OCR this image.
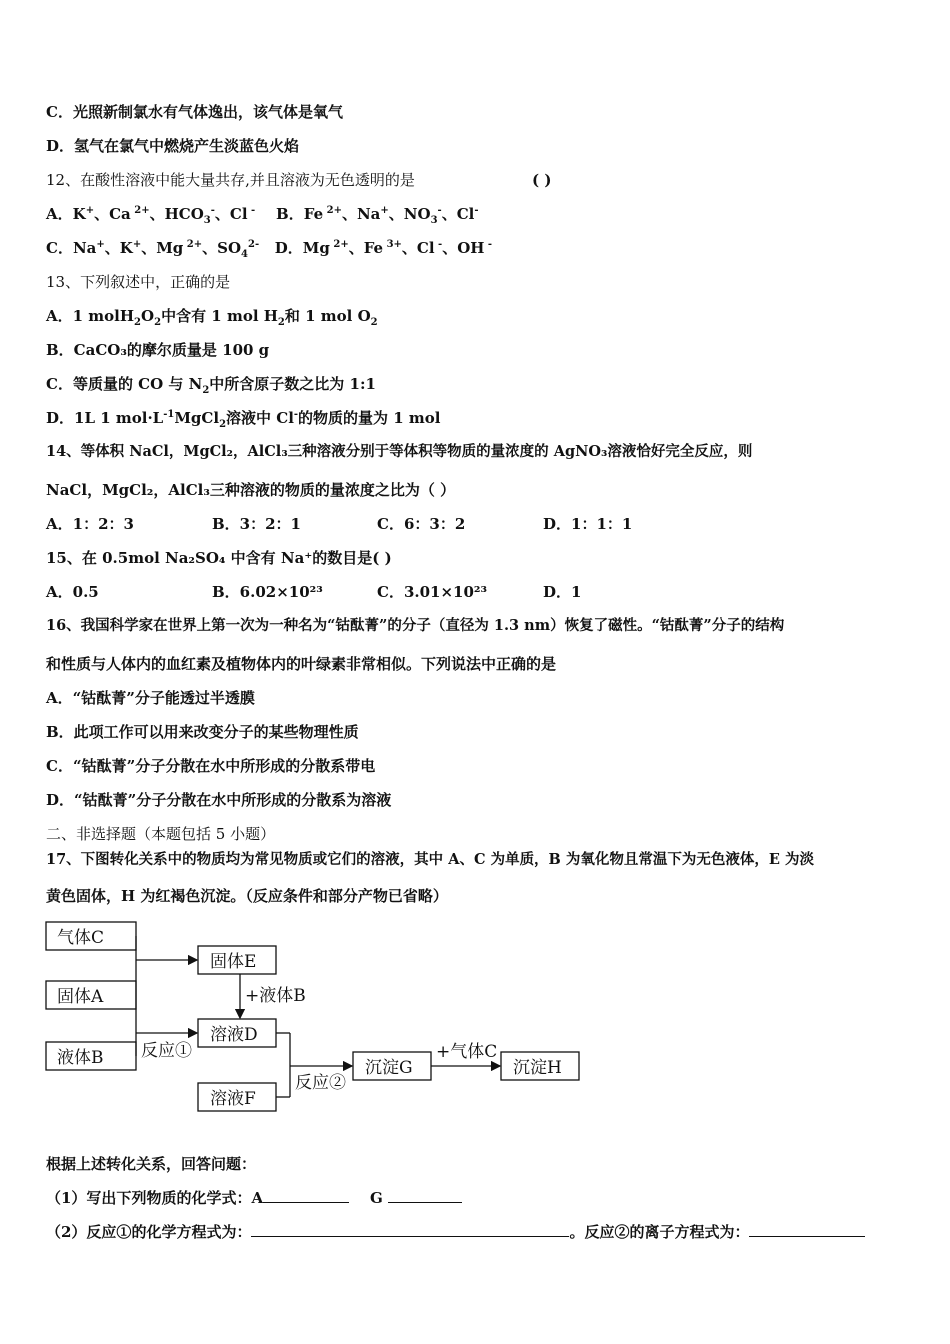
C．光照新制氯水有气体逸出，该气体是氧气
D．氢气在氯气中燃烧产生淡蓝色火焰
12、在酸性溶液中能大量共存,并且溶液为无色透明的是	( )
A．K+、Ca $^{2+}$、$HCO_3^-$、Cl -    B．Fe $^{2+}$、Na+、$NO_3^-$、Cl-
C．Na+、K+、Mg $^{2+}$、$SO_4^{2-}$   D．Mg $^{2+}$、Fe $^{3+}$、Cl -、OH -
13、下列叙述中，正确的是
A．1 $molH_2O_2$中含有 1 mol $H_2$和 1 mol $O_2$
B．CaCO₃的摩尔质量是 100 g
C．等质量的 CO 与 $N_2$中所含原子数之比为 1:1
D．1L 1 $mol\cdot L^{-1}MgCl_2$溶液中 Cl-的物质的量为 1 mol
14、等体积 NaCl，MgCl₂，AlCl₃三种溶液分别于等体积等物质的量浓度的 AgNO₃溶液恰好完全反应，则
NaCl，MgCl₂，AlCl₃三种溶液的物质的量浓度之比为（ ）
A．1：2：3	B．3：2：1	C．6：3：2	D．1：1：1
15、在 0.5mol Na₂SO₄ 中含有 Na⁺的数目是( )
A．0.5	B．6.02×10²³	C．3.01×10²³	D．1
16、我国科学家在世界上第一次为一种名为“钴酞菁”的分子（直径为 1.3 nm）恢复了磁性。“钴酞菁”分子的结构
和性质与人体内的血红素及植物体内的叶绿素非常相似。下列说法中正确的是
A．“钴酞菁”分子能透过半透膜
B．此项工作可以用来改变分子的某些物理性质
C．“钴酞菁”分子分散在水中所形成的分散系带电
D．“钴酞菁”分子分散在水中所形成的分散系为溶液
二、非选择题（本题包括 5 小题）
17、下图转化关系中的物质均为常见物质或它们的溶液，其中 A、C 为单质，B 为氧化物且常温下为无色液体，E 为淡
黄色固体，H 为红褐色沉淀。（反应条件和部分产物已省略）
气体C
固体A
液体B
固体E
+液体B
溶液D
反应①
溶液F
反应②
沉淀G
+气体C
沉淀H
根据上述转化关系，回答问题：
（1）写出下列物质的化学式：A	G
（2）反应①的化学方程式为：	。反应②的离子方程式为：
